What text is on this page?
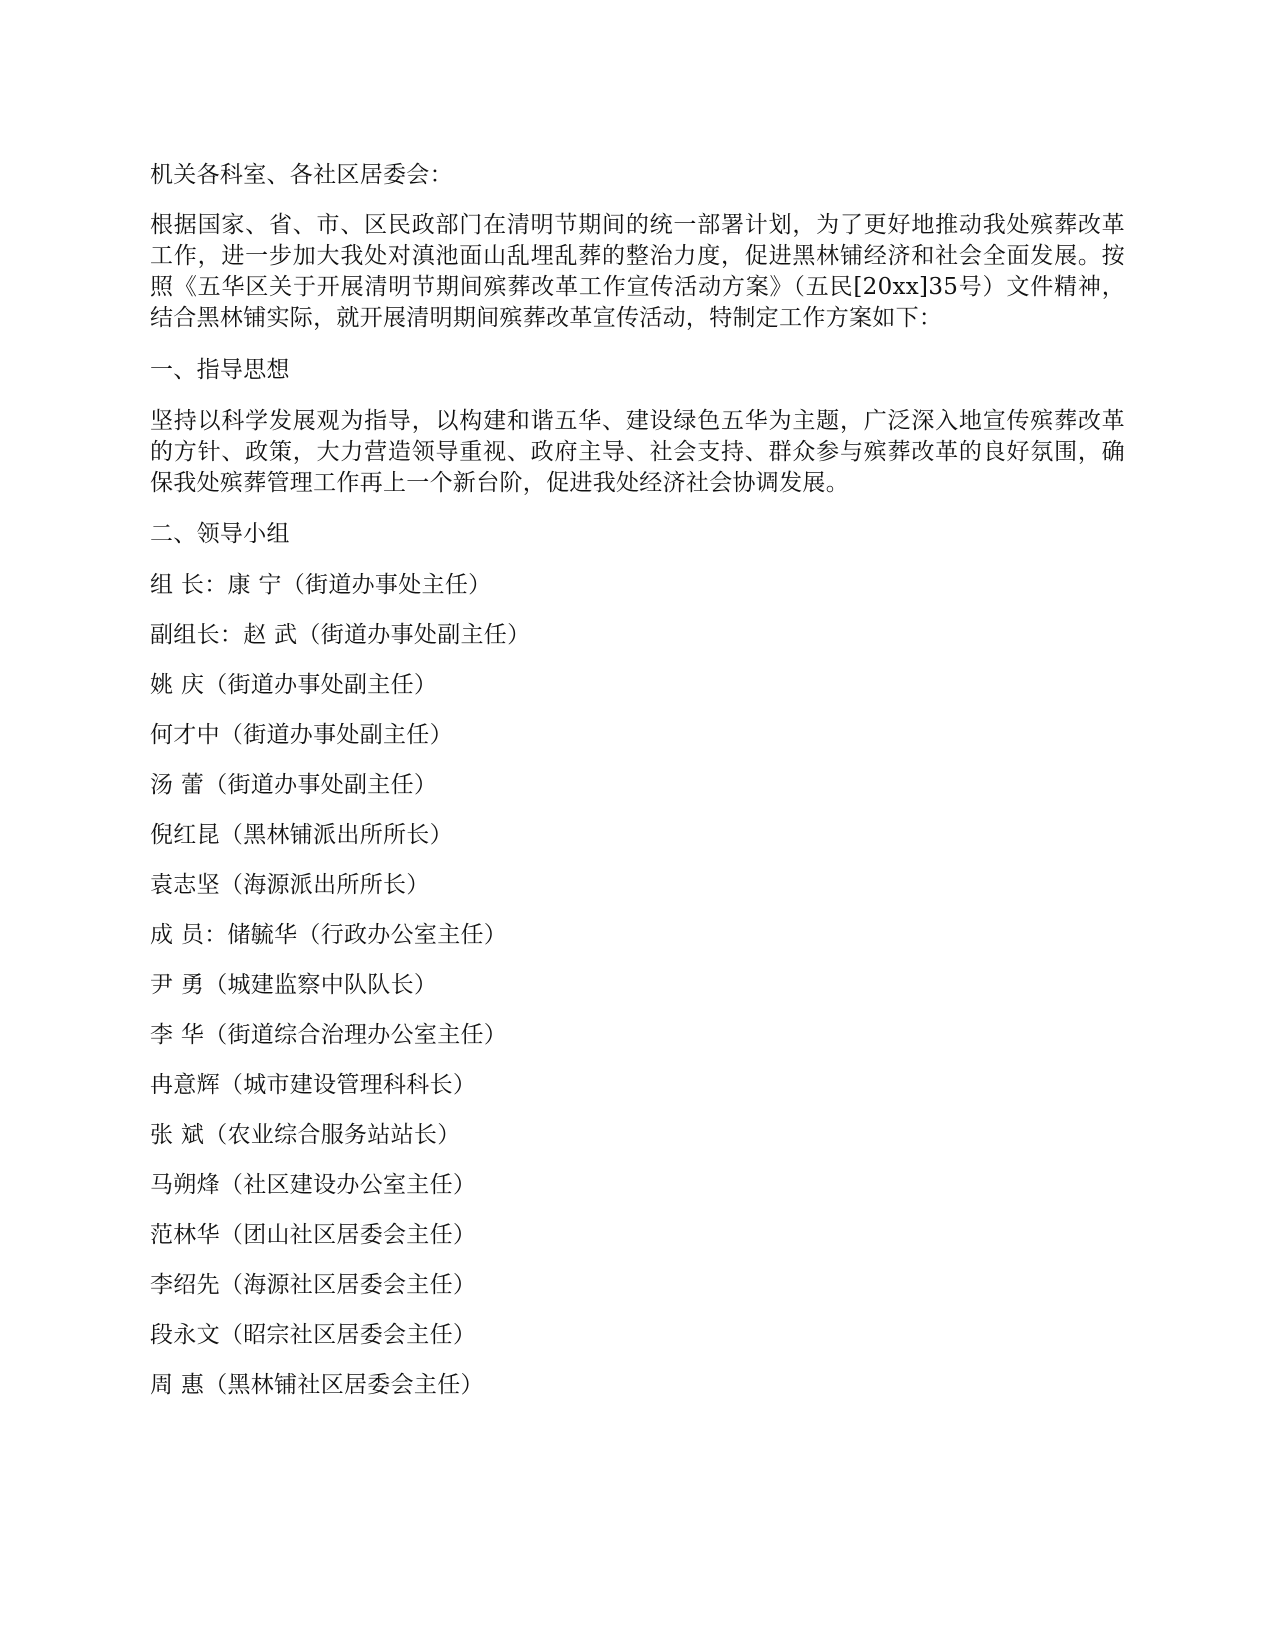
机关各科室、各社区居委会：

根据国家、省、市、区民政部门在清明节期间的统一部署计划，为了更好地推动我处殡葬改革工作，进一步加大我处对滇池面山乱埋乱葬的整治力度，促进黑林铺经济和社会全面发展。按照《五华区关于开展清明节期间殡葬改革工作宣传活动方案》（五民[20xx]35号）文件精神，结合黑林铺实际，就开展清明期间殡葬改革宣传活动，特制定工作方案如下：

一、指导思想

坚持以科学发展观为指导，以构建和谐五华、建设绿色五华为主题，广泛深入地宣传殡葬改革的方针、政策，大力营造领导重视、政府主导、社会支持、群众参与殡葬改革的良好氛围，确保我处殡葬管理工作再上一个新台阶，促进我处经济社会协调发展。

二、领导小组

组 长：康 宁（街道办事处主任）

副组长：赵 武（街道办事处副主任）

姚 庆（街道办事处副主任）

何才中（街道办事处副主任）

汤 蕾（街道办事处副主任）

倪红昆（黑林铺派出所所长）

袁志坚（海源派出所所长）

成 员：储毓华（行政办公室主任）

尹 勇（城建监察中队队长）

李 华（街道综合治理办公室主任）

冉意辉（城市建设管理科科长）

张 斌（农业综合服务站站长）

马朔烽（社区建设办公室主任）

范林华（团山社区居委会主任）

李绍先（海源社区居委会主任）

段永文（昭宗社区居委会主任）

周 惠（黑林铺社区居委会主任）
